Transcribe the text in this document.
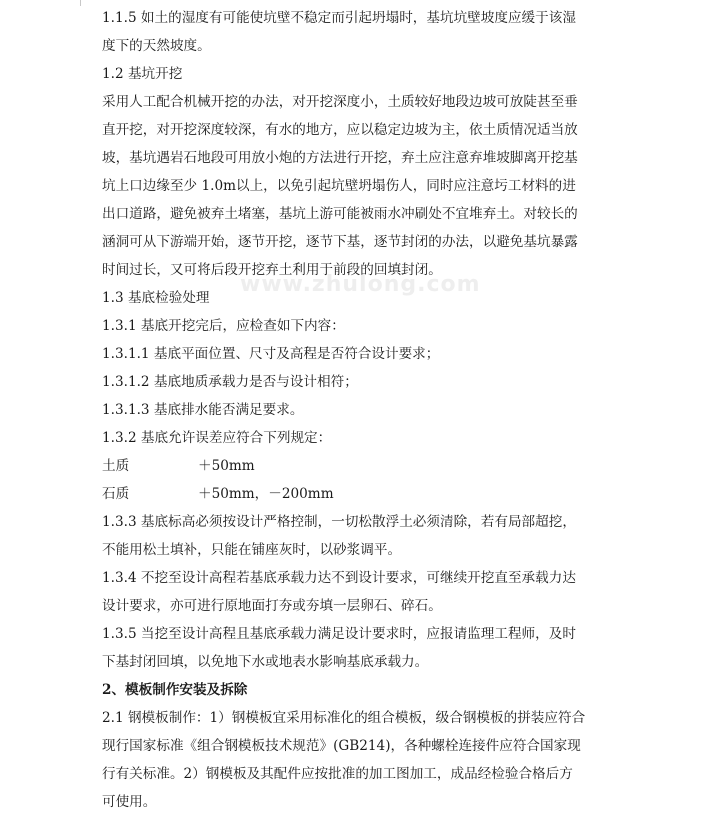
www.zhulong.com

1.1.5 如土的湿度有可能使坑壁不稳定而引起坍塌时，基坑坑壁坡度应缓于该湿

度下的天然坡度。

1.2 基坑开挖

采用人工配合机械开挖的办法，对开挖深度小，土质较好地段边坡可放陡甚至垂

直开挖，对开挖深度较深，有水的地方，应以稳定边坡为主，依土质情况适当放

坡，基坑遇岩石地段可用放小炮的方法进行开挖，弃土应注意弃堆坡脚离开挖基

坑上口边缘至少 1.0m以上，以免引起坑壁坍塌伤人，同时应注意圬工材料的进

出口道路，避免被弃土堵塞，基坑上游可能被雨水冲刷处不宜堆弃土。对较长的

涵洞可从下游端开始，逐节开挖，逐节下基，逐节封闭的办法，以避免基坑暴露

时间过长，又可将后段开挖弃土利用于前段的回填封闭。

1.3 基底检验处理

1.3.1 基底开挖完后，应检查如下内容：

1.3.1.1 基底平面位置、尺寸及高程是否符合设计要求；

1.3.1.2 基底地质承载力是否与设计相符；

1.3.1.3 基底排水能否满足要求。

1.3.2 基底允许误差应符合下列规定：

土质	＋50mm
石质	＋50mm，－200mm

1.3.3 基底标高必须按设计严格控制，一切松散浮土必须清除，若有局部超挖，

不能用松土填补，只能在铺座灰时，以砂浆调平。

1.3.4 不挖至设计高程若基底承载力达不到设计要求，可继续开挖直至承载力达

设计要求，亦可进行原地面打夯或夯填一层卵石、碎石。

1.3.5 当挖至设计高程且基底承载力满足设计要求时，应报请监理工程师，及时

下基封闭回填，以免地下水或地表水影响基底承载力。

2、模板制作安装及拆除

2.1 钢模板制作：1）钢模板宜采用标准化的组合模板，级合钢模板的拼装应符合

现行国家标准《组合钢模板技术规范》(GB214)，各种螺栓连接件应符合国家现

行有关标准。2）钢模板及其配件应按批准的加工图加工，成品经检验合格后方

可使用。
